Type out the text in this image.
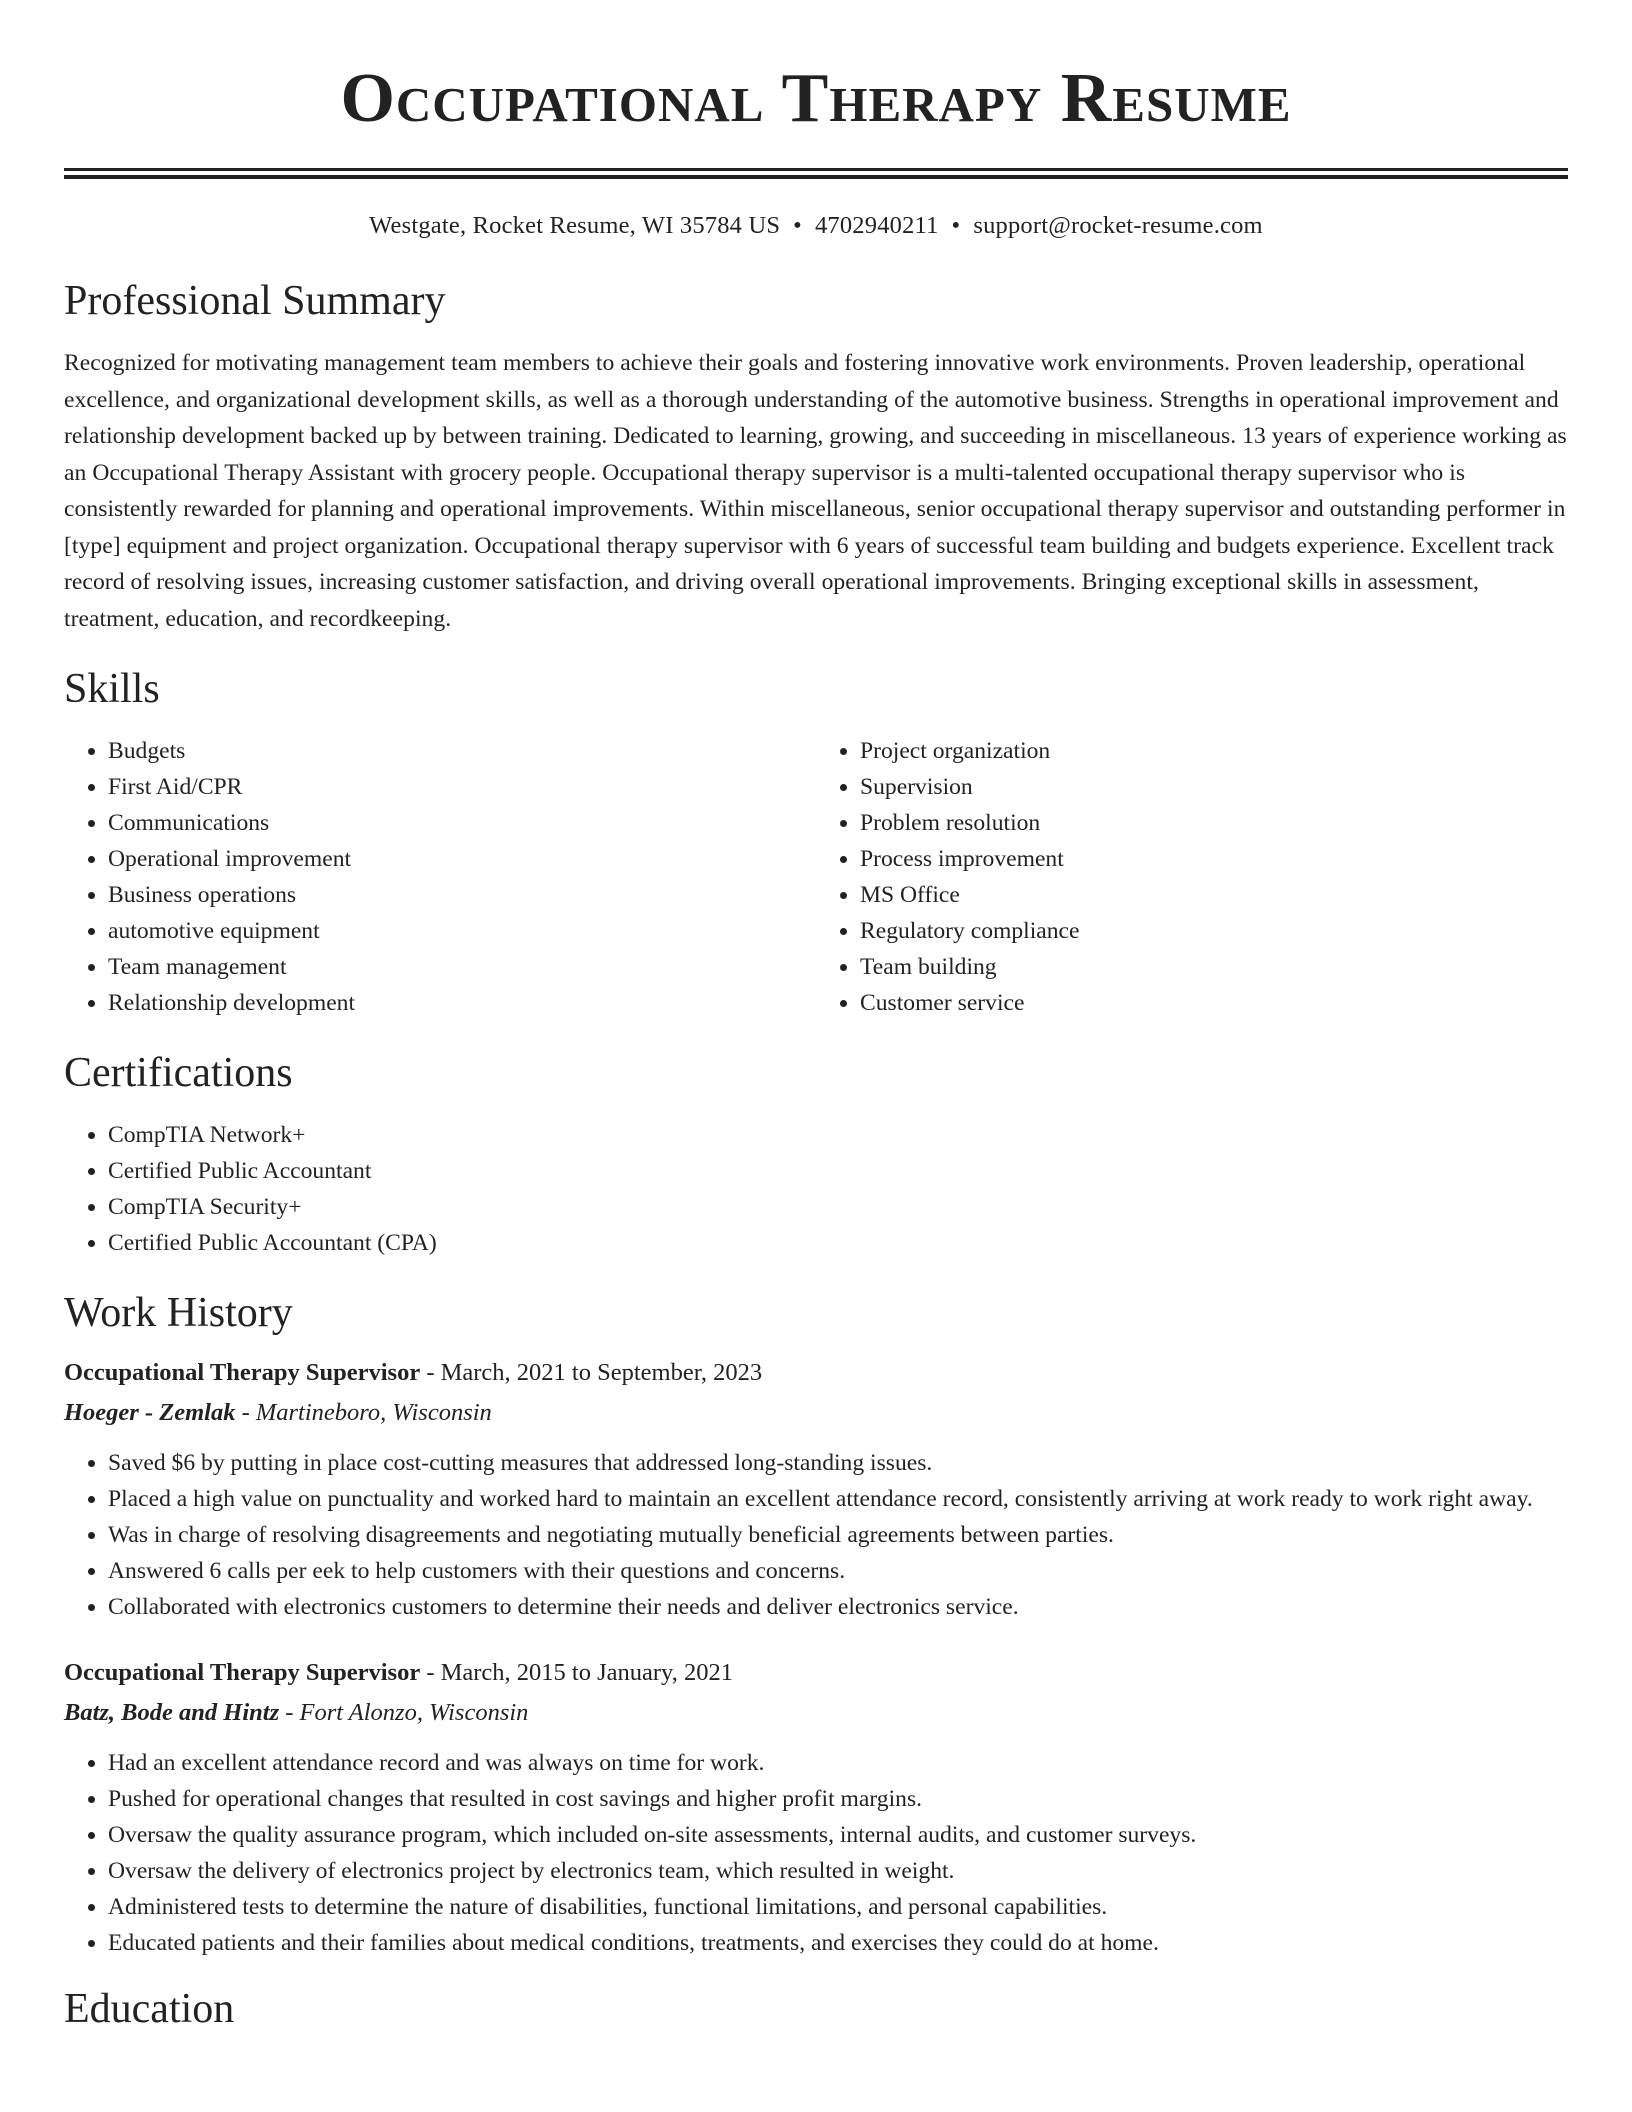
Occupational Therapy Resume
Westgate, Rocket Resume, WI 35784 US • 4702940211 • support@rocket-resume.com
Professional Summary

Recognized for motivating management team members to achieve their goals and fostering innovative work environments. Proven leadership, operational excellence, and organizational development skills, as well as a thorough understanding of the automotive business. Strengths in operational improvement and relationship development backed up by between training. Dedicated to learning, growing, and succeeding in miscellaneous. 13 years of experience working as an Occupational Therapy Assistant with grocery people. Occupational therapy supervisor is a multi-talented occupational therapy supervisor who is consistently rewarded for planning and operational improvements. Within miscellaneous, senior occupational therapy supervisor and outstanding performer in [type] equipment and project organization. Occupational therapy supervisor with 6 years of successful team building and budgets experience. Excellent track record of resolving issues, increasing customer satisfaction, and driving overall operational improvements. Bringing exceptional skills in assessment, treatment, education, and recordkeeping.

Skills
• Budgets
• First Aid/CPR
• Communications
• Operational improvement
• Business operations
• automotive equipment
• Team management
• Relationship development
• Project organization
• Supervision
• Problem resolution
• Process improvement
• MS Office
• Regulatory compliance
• Team building
• Customer service
Certifications
• CompTIA Network+
• Certified Public Accountant
• CompTIA Security+
• Certified Public Accountant (CPA)
Work History
Occupational Therapy Supervisor - March, 2021 to September, 2023
Hoeger - Zemlak - Martineboro, Wisconsin
• Saved $6 by putting in place cost-cutting measures that addressed long-standing issues.
• Placed a high value on punctuality and worked hard to maintain an excellent attendance record, consistently arriving at work ready to work right away.
• Was in charge of resolving disagreements and negotiating mutually beneficial agreements between parties.
• Answered 6 calls per eek to help customers with their questions and concerns.
• Collaborated with electronics customers to determine their needs and deliver electronics service.
Occupational Therapy Supervisor - March, 2015 to January, 2021
Batz, Bode and Hintz - Fort Alonzo, Wisconsin
• Had an excellent attendance record and was always on time for work.
• Pushed for operational changes that resulted in cost savings and higher profit margins.
• Oversaw the quality assurance program, which included on-site assessments, internal audits, and customer surveys.
• Oversaw the delivery of electronics project by electronics team, which resulted in weight.
• Administered tests to determine the nature of disabilities, functional limitations, and personal capabilities.
• Educated patients and their families about medical conditions, treatments, and exercises they could do at home.
Education
